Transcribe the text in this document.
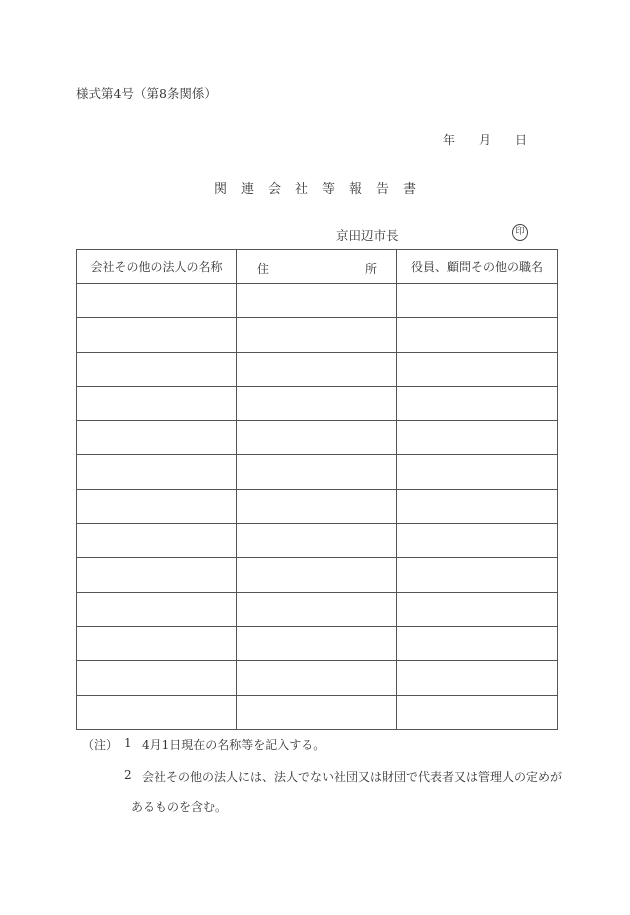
様式第4号（第8条関係）
年 月 日
関 連 会 社 等 報 告 書
京田辺市長	印
会社その他の法人の名称	住 所	役員、顧問その他の職名

（注） 1 4月1日現在の名称等を記入する。
2 会社その他の法人には、法人でない社団又は財団で代表者又は管理人の定めが
あるものを含む。
